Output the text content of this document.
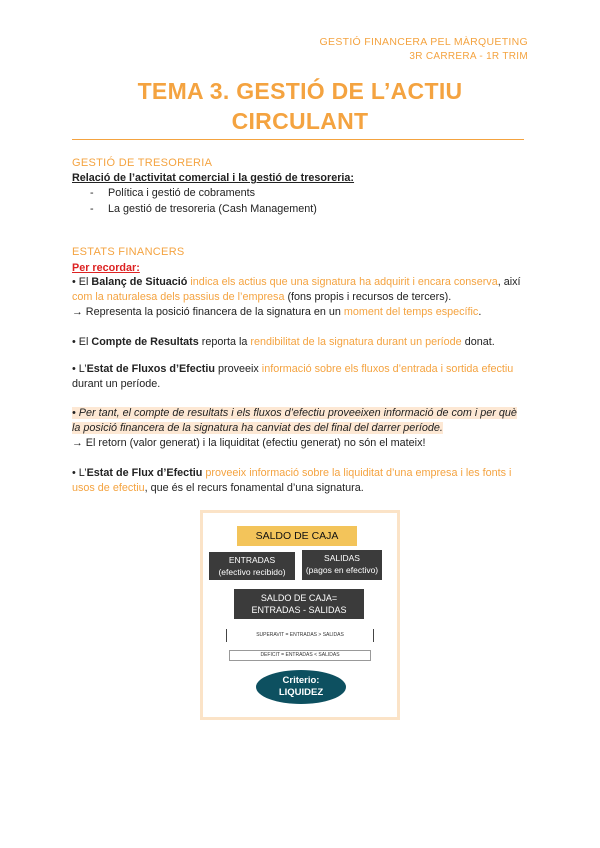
GESTIÓ FINANCERA PEL MÀRQUETING
3R CARRERA - 1R TRIM
TEMA 3. GESTIÓ DE L’ACTIU
CIRCULANT
GESTIÓ DE TRESORERIA
Relació de l’activitat comercial i la gestió de tresoreria:
- Política i gestió de cobraments
- La gestió de tresoreria (Cash Management)
ESTATS FINANCERS
Per recordar:
• El Balanç de Situació indica els actius que una signatura ha adquirit i encara conserva, així com la naturalesa dels passius de l’empresa (fons propis i recursos de tercers).
→ Representa la posició financera de la signatura en un moment del temps específic.
• El Compte de Resultats reporta la rendibilitat de la signatura durant un període donat.
• L’Estat de Fluxos d’Efectiu proveeix informació sobre els fluxos d’entrada i sortida efectiu durant un període.
• Per tant, el compte de resultats i els fluxos d’efectiu proveeixen informació de com i per què la posició financera de la signatura ha canviat des del final del darrer període.
→ El retorn (valor generat) i la liquiditat (efectiu generat) no són el mateix!
• L’Estat de Flux d’Efectiu proveeix informació sobre la liquiditat d’una empresa i les fonts i usos de efectiu, que és el recurs fonamental d’una signatura.
SALDO DE CAJA
ENTRADAS
(efectivo recibido)
SALIDAS
(pagos en efectivo)
SALDO DE CAJA=
ENTRADAS - SALIDAS
SUPERAVIT = ENTRADAS > SALIDAS
DEFICIT = ENTRADAS < SALIDAS
Criterio:
LIQUIDEZ
